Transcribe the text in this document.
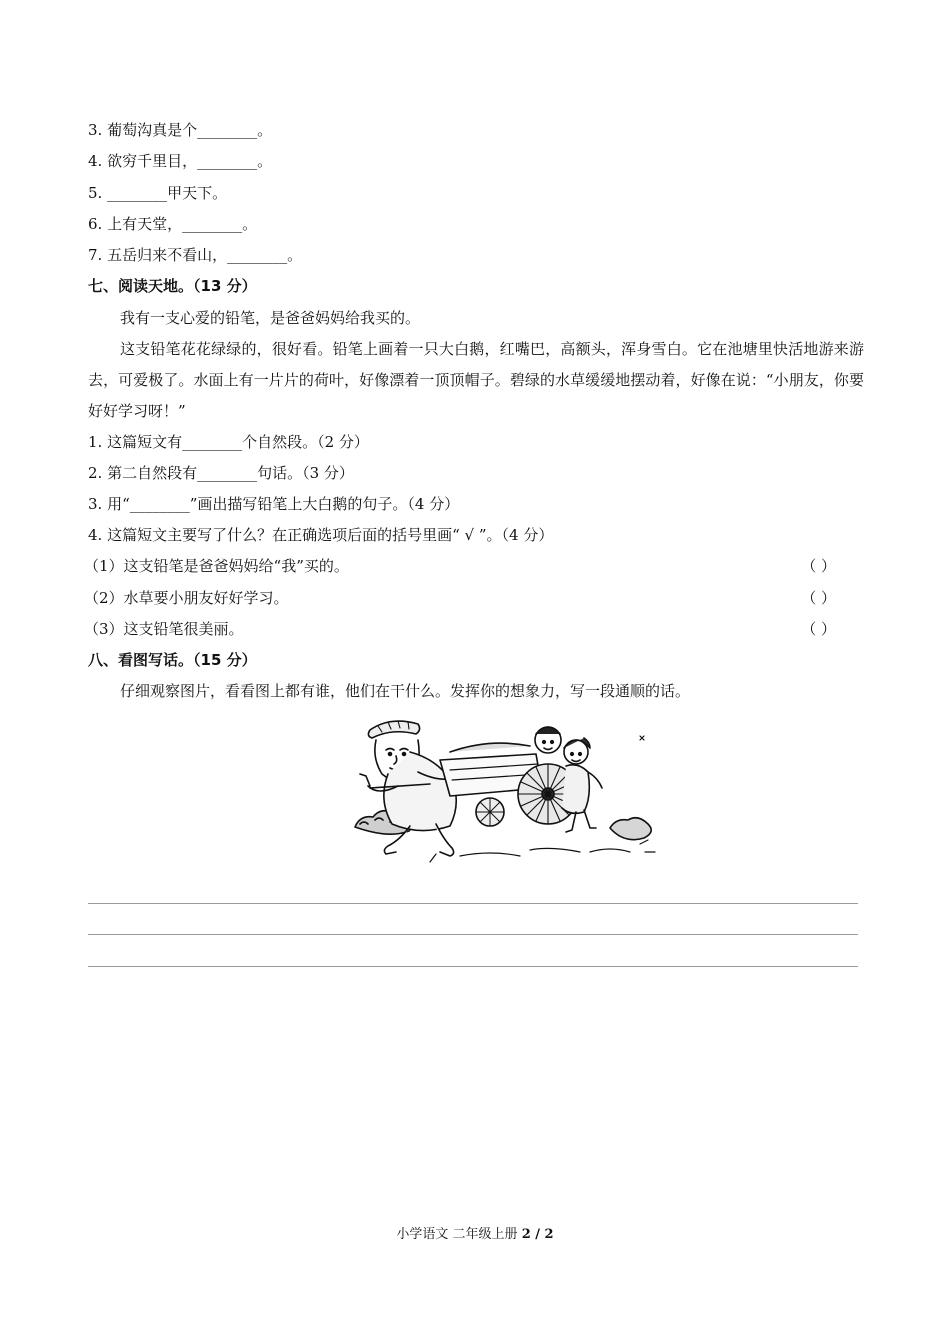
3. 葡萄沟真是个________。
4. 欲穷千里目，________。
5. ________甲天下。
6. 上有天堂，________。
7. 五岳归来不看山，________。
七、阅读天地。（13 分）
我有一支心爱的铅笔，是爸爸妈妈给我买的。
这支铅笔花花绿绿的，很好看。铅笔上画着一只大白鹅，红嘴巴，高额头，浑身雪白。它在池塘里快活地游来游去，可爱极了。水面上有一片片的荷叶，好像漂着一顶顶帽子。碧绿的水草缓缓地摆动着，好像在说：“小朋友，你要好好学习呀！”
1. 这篇短文有________个自然段。（2 分）
2. 第二自然段有________句话。（3 分）
3. 用“________”画出描写铅笔上大白鹅的句子。（4 分）
4. 这篇短文主要写了什么？在正确选项后面的括号里画“ √ ”。（4 分）
（1）这支铅笔是爸爸妈妈给“我”买的。	（ ）
（2）水草要小朋友好好学习。	（ ）
（3）这支铅笔很美丽。	（ ）
八、看图写话。（15 分）
仔细观察图片，看看图上都有谁，他们在干什么。发挥你的想象力，写一段通顺的话。
小学语文 二年级上册 2 / 2
